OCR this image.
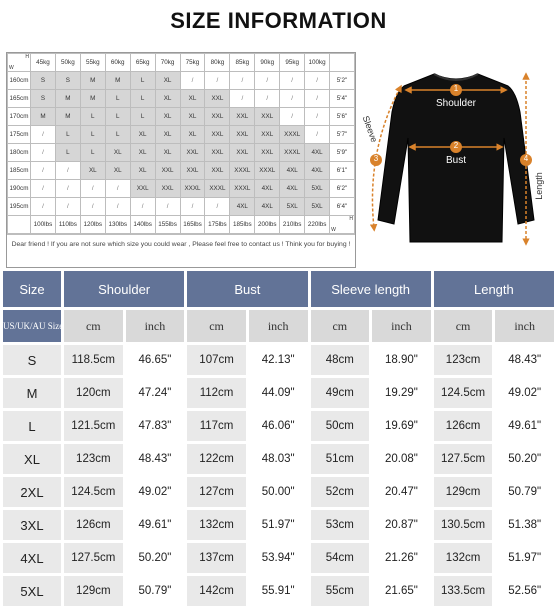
SIZE INFORMATION
H
W	45kg	50kg	55kg	60kg	65kg	70kg	75kg	80kg	85kg	90kg	95kg	100kg	
160cm	S	S	M	M	L	XL	/	/	/	/	/	/	5'2"
165cm	S	M	M	L	L	XL	XL	XXL	/	/	/	/	5'4"
170cm	M	M	L	L	L	XL	XL	XXL	XXL	XXL	/	/	5'6"
175cm	/	L	L	L	XL	XL	XL	XXL	XXL	XXL	XXXL	/	5'7"
180cm	/	L	L	XL	XL	XL	XXL	XXL	XXL	XXL	XXXL	4XL	5'9"
185cm	/	/	XL	XL	XL	XXL	XXL	XXL	XXXL	XXXL	4XL	4XL	6'1"
190cm	/	/	/	/	XXL	XXL	XXXL	XXXL	XXXL	4XL	4XL	5XL	6'2"
195cm	/	/	/	/	/	/	/	/	4XL	4XL	5XL	5XL	6'4"
	100lbs	110lbs	120lbs	130lbs	140lbs	155lbs	165lbs	175lbs	185lbs	200lbs	210lbs	220lbs	H
W
Dear friend ! If you are not sure which size you could wear , Please feel free to contact us ! Think you for buying !
1
2
3	4
Shoulder
Bust
Sleeve
Length
Size	Shoulder		Bust		Sleeve length		Length	
US/UK/AU Size	cm	inch	cm	inch	cm	inch	cm	inch
S	118.5cm	46.65"	107cm	42.13"	48cm	18.90"	123cm	48.43"
M	120cm	47.24"	112cm	44.09"	49cm	19.29"	124.5cm	49.02"
L	121.5cm	47.83"	117cm	46.06"	50cm	19.69"	126cm	49.61"
XL	123cm	48.43"	122cm	48.03"	51cm	20.08"	127.5cm	50.20"
2XL	124.5cm	49.02"	127cm	50.00"	52cm	20.47"	129cm	50.79"
3XL	126cm	49.61"	132cm	51.97"	53cm	20.87"	130.5cm	51.38"
4XL	127.5cm	50.20"	137cm	53.94"	54cm	21.26"	132cm	51.97"
5XL	129cm	50.79"	142cm	55.91"	55cm	21.65"	133.5cm	52.56"
